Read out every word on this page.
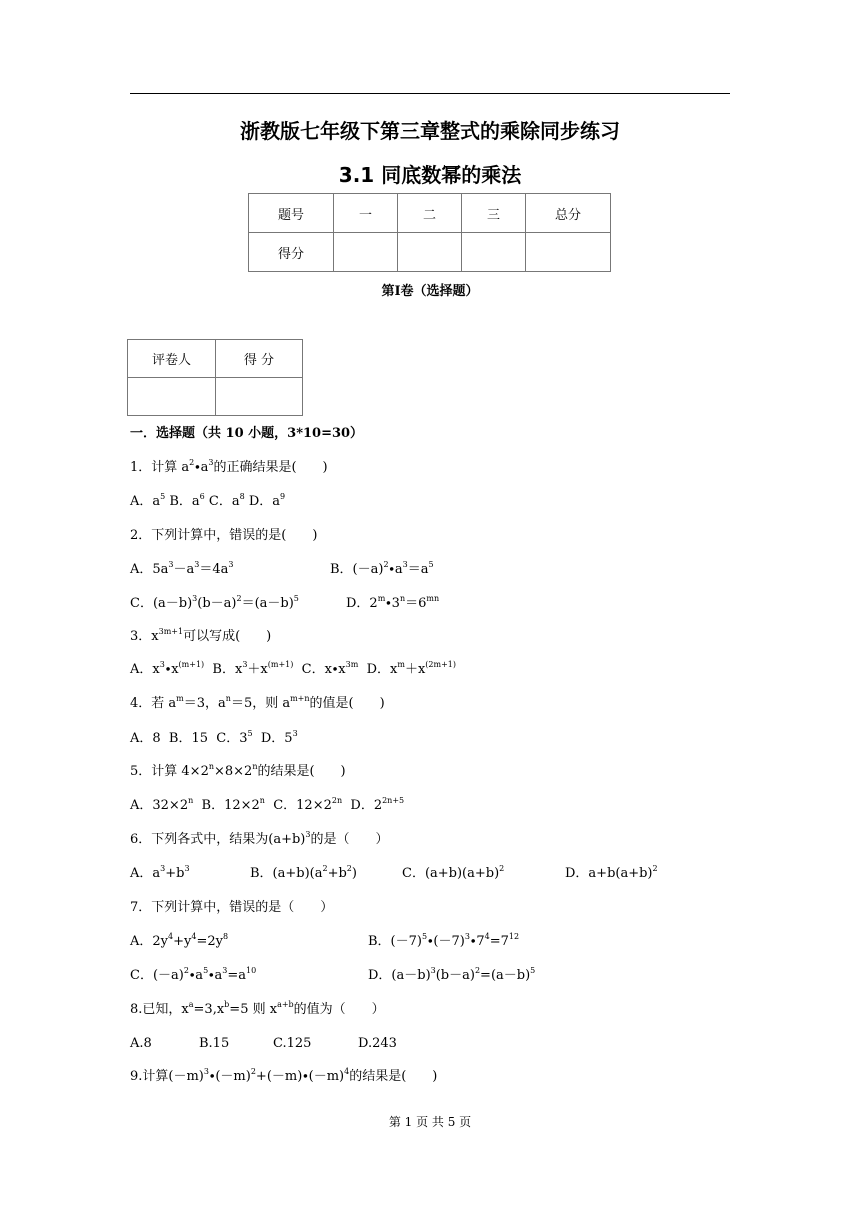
浙教版七年级下第三章整式的乘除同步练习
3.1 同底数幂的乘法
题号	一	二	三	总分
得分				
第Ⅰ卷（选择题）
评卷人	得 分

一．选择题（共 10 小题，3*10=30）
1．计算 $a^2\cdot a^3$的正确结果是(　　)
A．$a^5$ B．$a^6$ C．$a^8$ D．$a^9$
2．下列计算中，错误的是(　　)
A．$5a^3-a^3=4a^3$	B．$(-a)^2\cdot a^3=a^5$
C．$(a-b)^3(b-a)^2=(a-b)^5$	D．$2^m\cdot 3^n=6^{mn}$
3．$x^{3m+1}$可以写成(　　)
A．$x^3\cdot x^{(m+1)}$  B．$x^3+x^{(m+1)}$  C．$x\cdot x^{3m}$  D．$x^m+x^{(2m+1)}$
4．若 $a^m=3$，$a^n=5$，则 $a^{m+n}$的值是(　　)
A．8  B．15  C．$3^5$  D．$5^3$
5．计算 $4\times 2^n\times 8\times 2^n$的结果是(　　)
A．$32\times 2^n$  B．$12\times 2^n$  C．$12\times 2^{2n}$  D．$2^{2n+5}$
6．下列各式中，结果为$(a+b)^3$的是（　　）
A．$a^3+b^3$	B．$(a+b)(a^2+b^2)$	C．$(a+b)(a+b)^2$	D．$a+b(a+b)^2$
7．下列计算中，错误的是（　　）
A．$2y^4+y^4=2y^8$	B．$(-7)^5\cdot(-7)^3\cdot 7^4=7^{12}$
C．$(-a)^2\cdot a^5\cdot a^3=a^{10}$	D．$(a-b)^3(b-a)^2=(a-b)^5$
8.已知，$x^a=3,x^b=5$ 则 $x^{a+b}$的值为（　　）
A.8	B.15	C.125	D.243
9.计算$(-m)^3\cdot(-m)^2+(-m)\cdot(-m)^4$的结果是(　　)
第 1 页 共 5 页
